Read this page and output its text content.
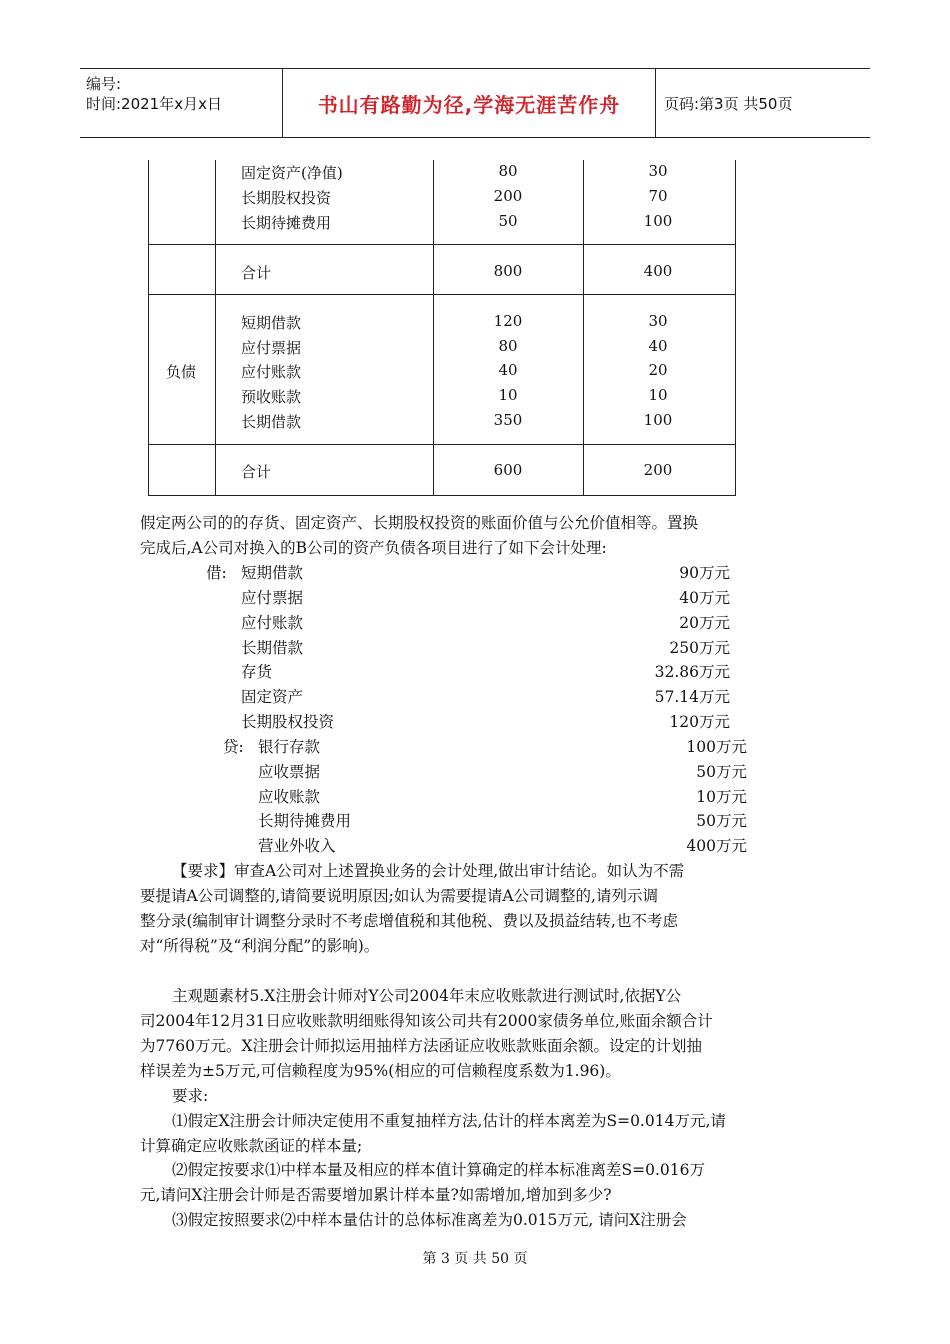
编号:
时间:2021年x月x日	书山有路勤为径,学海无涯苦作舟	页码:第3页 共50页
固定资产(净值)	80	30
长期股权投资	200	70
长期待摊费用	50	100
合计	800	400
负债
短期借款	120	30
应付票据	80	40
应付账款	40	20
预收账款	10	10
长期借款	350	100
合计	600	200
假定两公司的的存货、固定资产、长期股权投资的账面价值与公允价值相等。置换
完成后,A公司对换入的B公司的资产负债各项目进行了如下会计处理:
借: 短期借款	90万元
应付票据	40万元
应付账款	20万元
长期借款	250万元
存货	32.86万元
固定资产	57.14万元
长期股权投资	120万元
贷: 银行存款	100万元
应收票据	50万元
应收账款	10万元
长期待摊费用	50万元
营业外收入	400万元
【要求】审查A公司对上述置换业务的会计处理,做出审计结论。如认为不需
要提请A公司调整的,请简要说明原因;如认为需要提请A公司调整的,请列示调
整分录(编制审计调整分录时不考虑增值税和其他税、费以及损益结转,也不考虑
对“所得税”及“利润分配”的影响)。
主观题素材5.X注册会计师对Y公司2004年末应收账款进行测试时,依据Y公
司2004年12月31日应收账款明细账得知该公司共有2000家债务单位,账面余额合计
为7760万元。X注册会计师拟运用抽样方法函证应收账款账面余额。设定的计划抽
样误差为±5万元,可信赖程度为95%(相应的可信赖程度系数为1.96)。
要求:
⑴假定X注册会计师决定使用不重复抽样方法,估计的样本离差为S=0.014万元,请
计算确定应收账款函证的样本量;
⑵假定按要求⑴中样本量及相应的样本值计算确定的样本标准离差S=0.016万
元,请问X注册会计师是否需要增加累计样本量?如需增加,增加到多少?
⑶假定按照要求⑵中样本量估计的总体标准离差为0.015万元, 请问X注册会
第 3 页 共 50 页
